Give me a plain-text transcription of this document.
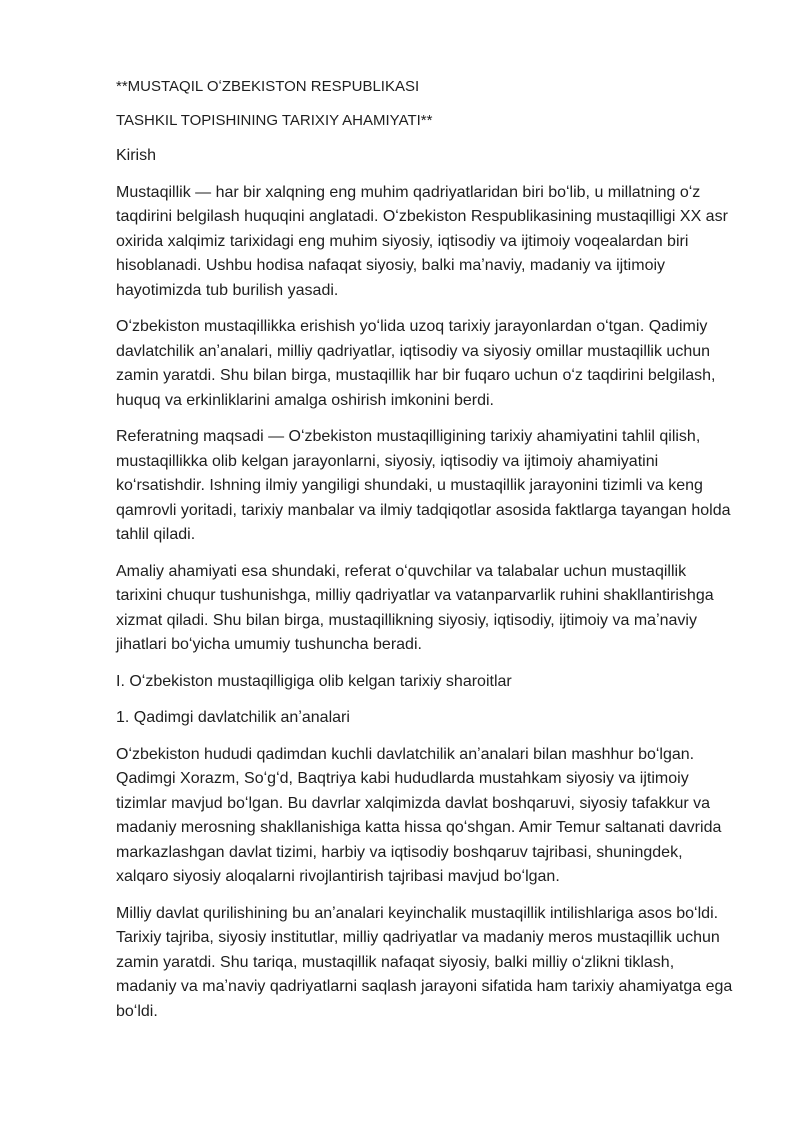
**MUSTAQIL OʻZBEKISTON RESPUBLIKASI

TASHKIL TOPISHINING TARIXIY AHAMIYATI**

Kirish

Mustaqillik — har bir xalqning eng muhim qadriyatlaridan biri boʻlib, u millatning oʻz taqdirini belgilash huquqini anglatadi. Oʻzbekiston Respublikasining mustaqilligi XX asr oxirida xalqimiz tarixidagi eng muhim siyosiy, iqtisodiy va ijtimoiy voqealardan biri hisoblanadi. Ushbu hodisa nafaqat siyosiy, balki maʼnaviy, madaniy va ijtimoiy hayotimizda tub burilish yasadi.

Oʻzbekiston mustaqillikka erishish yoʻlida uzoq tarixiy jarayonlardan oʻtgan. Qadimiy davlatchilik anʼanalari, milliy qadriyatlar, iqtisodiy va siyosiy omillar mustaqillik uchun zamin yaratdi. Shu bilan birga, mustaqillik har bir fuqaro uchun oʻz taqdirini belgilash, huquq va erkinliklarini amalga oshirish imkonini berdi.

Referatning maqsadi — Oʻzbekiston mustaqilligining tarixiy ahamiyatini tahlil qilish, mustaqillikka olib kelgan jarayonlarni, siyosiy, iqtisodiy va ijtimoiy ahamiyatini koʻrsatishdir. Ishning ilmiy yangiligi shundaki, u mustaqillik jarayonini tizimli va keng qamrovli yoritadi, tarixiy manbalar va ilmiy tadqiqotlar asosida faktlarga tayangan holda tahlil qiladi.

Amaliy ahamiyati esa shundaki, referat oʻquvchilar va talabalar uchun mustaqillik tarixini chuqur tushunishga, milliy qadriyatlar va vatanparvarlik ruhini shakllantirishga xizmat qiladi. Shu bilan birga, mustaqillikning siyosiy, iqtisodiy, ijtimoiy va maʼnaviy jihatlari boʻyicha umumiy tushuncha beradi.

I. Oʻzbekiston mustaqilligiga olib kelgan tarixiy sharoitlar

1. Qadimgi davlatchilik anʼanalari

Oʻzbekiston hududi qadimdan kuchli davlatchilik anʼanalari bilan mashhur boʻlgan. Qadimgi Xorazm, Soʻgʻd, Baqtriya kabi hududlarda mustahkam siyosiy va ijtimoiy tizimlar mavjud boʻlgan. Bu davrlar xalqimizda davlat boshqaruvi, siyosiy tafakkur va madaniy merosning shakllanishiga katta hissa qoʻshgan. Amir Temur saltanati davrida markazlashgan davlat tizimi, harbiy va iqtisodiy boshqaruv tajribasi, shuningdek, xalqaro siyosiy aloqalarni rivojlantirish tajribasi mavjud boʻlgan.

Milliy davlat qurilishining bu anʼanalari keyinchalik mustaqillik intilishlariga asos boʻldi. Tarixiy tajriba, siyosiy institutlar, milliy qadriyatlar va madaniy meros mustaqillik uchun zamin yaratdi. Shu tariqa, mustaqillik nafaqat siyosiy, balki milliy oʻzlikni tiklash, madaniy va maʼnaviy qadriyatlarni saqlash jarayoni sifatida ham tarixiy ahamiyatga ega boʻldi.
